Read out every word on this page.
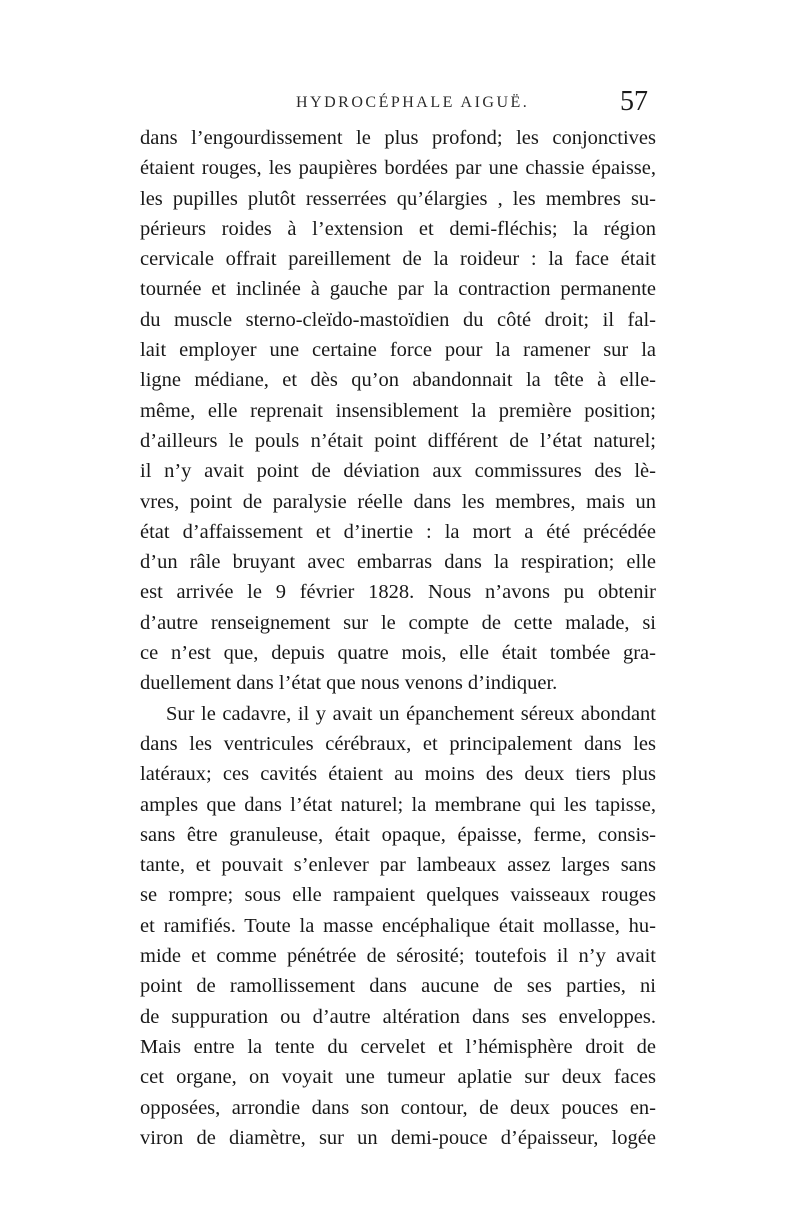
HYDROCÉPHALE AIGUË.	57
dans l’engourdissement le plus profond; les conjonctives
étaient rouges, les paupières bordées par une chassie épaisse,
les pupilles plutôt resserrées qu’élargies , les membres su-
périeurs roides à l’extension et demi-fléchis; la région
cervicale offrait pareillement de la roideur : la face était
tournée et inclinée à gauche par la contraction permanente
du muscle sterno-cleïdo-mastoïdien du côté droit; il fal-
lait employer une certaine force pour la ramener sur la
ligne médiane, et dès qu’on abandonnait la tête à elle-
même, elle reprenait insensiblement la première position;
d’ailleurs le pouls n’était point différent de l’état naturel;
il n’y avait point de déviation aux commissures des lè-
vres, point de paralysie réelle dans les membres, mais un
état d’affaissement et d’inertie : la mort a été précédée
d’un râle bruyant avec embarras dans la respiration; elle
est arrivée le 9 février 1828. Nous n’avons pu obtenir
d’autre renseignement sur le compte de cette malade, si
ce n’est que, depuis quatre mois, elle était tombée gra-
duellement dans l’état que nous venons d’indiquer.
Sur le cadavre, il y avait un épanchement séreux abondant
dans les ventricules cérébraux, et principalement dans les
latéraux; ces cavités étaient au moins des deux tiers plus
amples que dans l’état naturel; la membrane qui les tapisse,
sans être granuleuse, était opaque, épaisse, ferme, consis-
tante, et pouvait s’enlever par lambeaux assez larges sans
se rompre; sous elle rampaient quelques vaisseaux rouges
et ramifiés. Toute la masse encéphalique était mollasse, hu-
mide et comme pénétrée de sérosité; toutefois il n’y avait
point de ramollissement dans aucune de ses parties, ni
de suppuration ou d’autre altération dans ses enveloppes.
Mais entre la tente du cervelet et l’hémisphère droit de
cet organe, on voyait une tumeur aplatie sur deux faces
opposées, arrondie dans son contour, de deux pouces en-
viron de diamètre, sur un demi-pouce d’épaisseur, logée
